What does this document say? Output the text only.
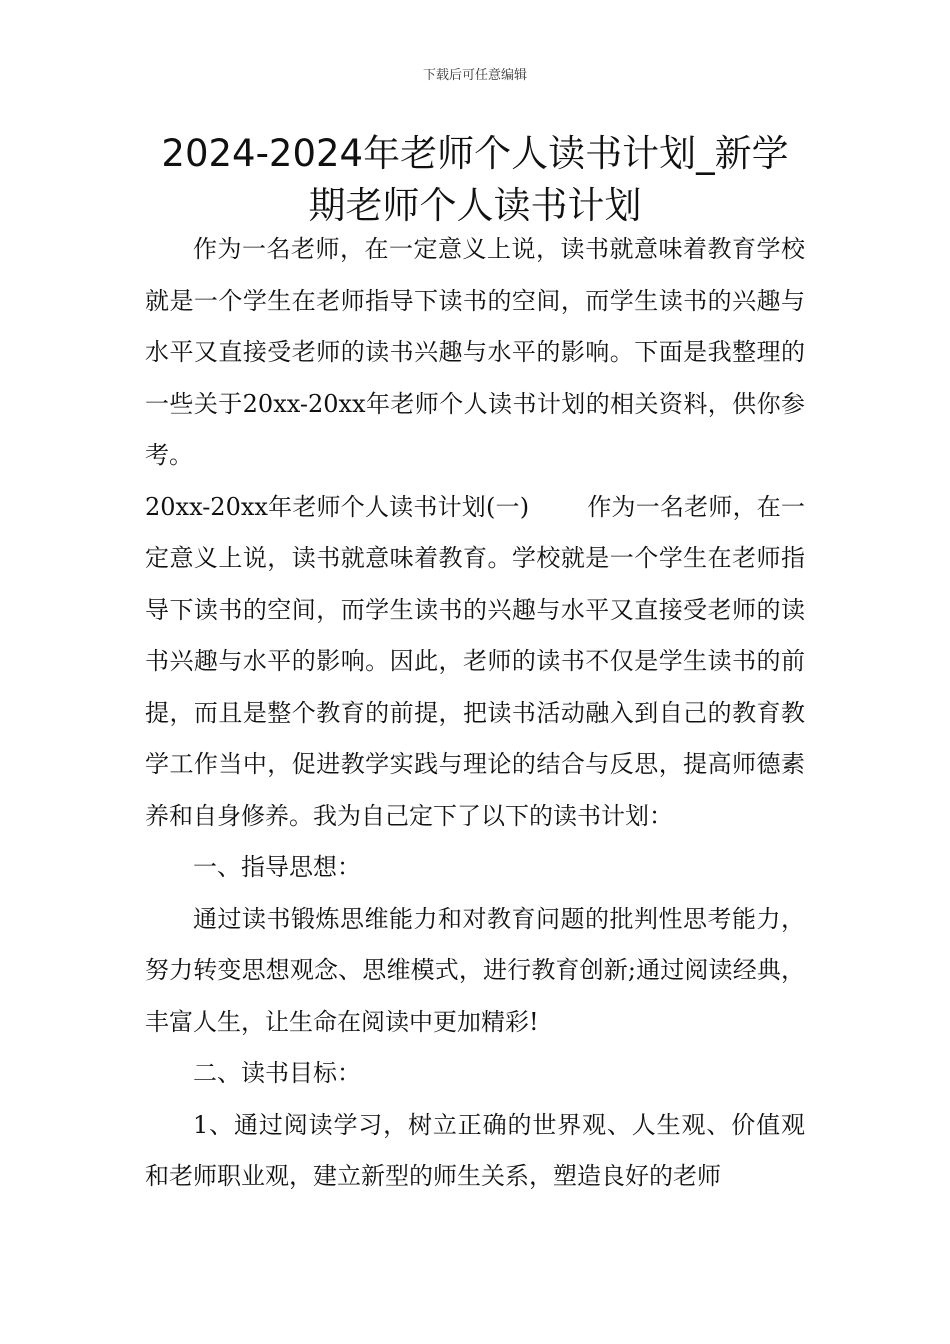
下载后可任意编辑
2024-2024年老师个人读书计划_新学期老师个人读书计划

作为一名老师，在一定意义上说，读书就意味着教育学校就是一个学生在老师指导下读书的空间，而学生读书的兴趣与水平又直接受老师的读书兴趣与水平的影响。下面是我整理的一些关于20xx-20xx年老师个人读书计划的相关资料，供你参考。

20xx-20xx年老师个人读书计划(一) 作为一名老师，在一定意义上说，读书就意味着教育。学校就是一个学生在老师指导下读书的空间，而学生读书的兴趣与水平又直接受老师的读书兴趣与水平的影响。因此，老师的读书不仅是学生读书的前提，而且是整个教育的前提，把读书活动融入到自己的教育教学工作当中，促进教学实践与理论的结合与反思，提高师德素养和自身修养。我为自己定下了以下的读书计划：

一、指导思想：

通过读书锻炼思维能力和对教育问题的批判性思考能力，努力转变思想观念、思维模式，进行教育创新;通过阅读经典，丰富人生，让生命在阅读中更加精彩!

二、读书目标：

1、通过阅读学习，树立正确的世界观、人生观、价值观和老师职业观，建立新型的师生关系，塑造良好的老师
